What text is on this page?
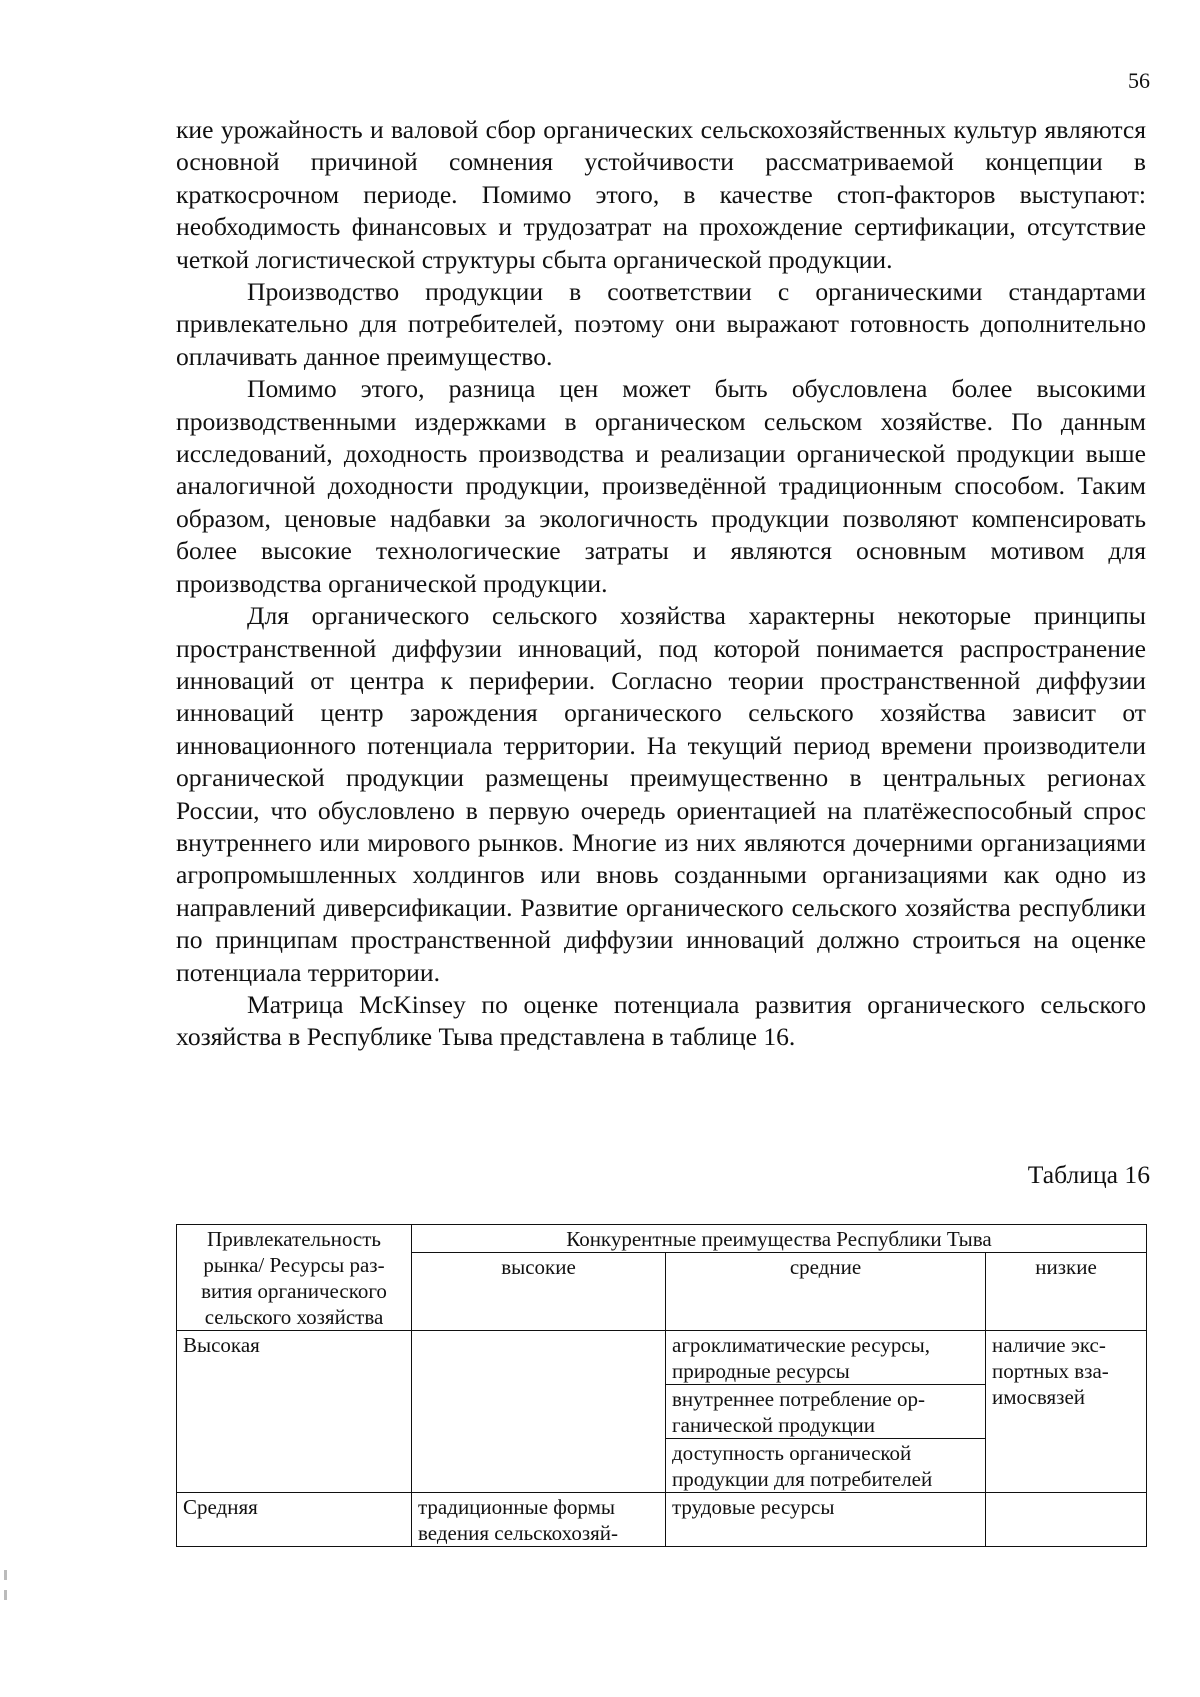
56

кие урожайность и валовой сбор органических сельскохозяйственных культур являются основной причиной сомнения устойчивости рассматриваемой концепции в краткосрочном периоде. Помимо этого, в качестве стоп-факторов выступают: необходимость финансовых и трудозатрат на прохождение сертификации, отсутствие четкой логистической структуры сбыта органической продукции.

Производство продукции в соответствии с органическими стандартами привлекательно для потребителей, поэтому они выражают готовность дополнительно оплачивать данное преимущество.

Помимо этого, разница цен может быть обусловлена более высокими производственными издержками в органическом сельском хозяйстве. По данным исследований, доходность производства и реализации органической продукции выше аналогичной доходности продукции, произведённой традиционным способом. Таким образом, ценовые надбавки за экологичность продукции позволяют компенсировать более высокие технологические затраты и являются основным мотивом для производства органической продукции.

Для органического сельского хозяйства характерны некоторые принципы пространственной диффузии инноваций, под которой понимается распространение инноваций от центра к периферии. Согласно теории пространственной диффузии инноваций центр зарождения органического сельского хозяйства зависит от инновационного потенциала территории. На текущий период времени производители органической продукции размещены преимущественно в центральных регионах России, что обусловлено в первую очередь ориентацией на платёжеспособный спрос внутреннего или мирового рынков. Многие из них являются дочерними организациями агропромышленных холдингов или вновь созданными организациями как одно из направлений диверсификации. Развитие органического сельского хозяйства республики по принципам пространственной диффузии инноваций должно строиться на оценке потенциала территории.

Матрица McKinsey по оценке потенциала развития органического сельского хозяйства в Республике Тыва представлена в таблице 16.

Таблица 16
Привлекательность рынка/ Ресурсы развития органического сельского хозяйства	Конкурентные преимущества Республики Тыва		
	высокие	средние	низкие
Высокая		агроклиматические ресурсы, природные ресурсы	наличие экспортных взаимосвязей
		внутреннее потребление органической продукции	
		доступность органической продукции для потребителей	
Средняя	традиционные формы ведения сельскохозяй-	трудовые ресурсы	
